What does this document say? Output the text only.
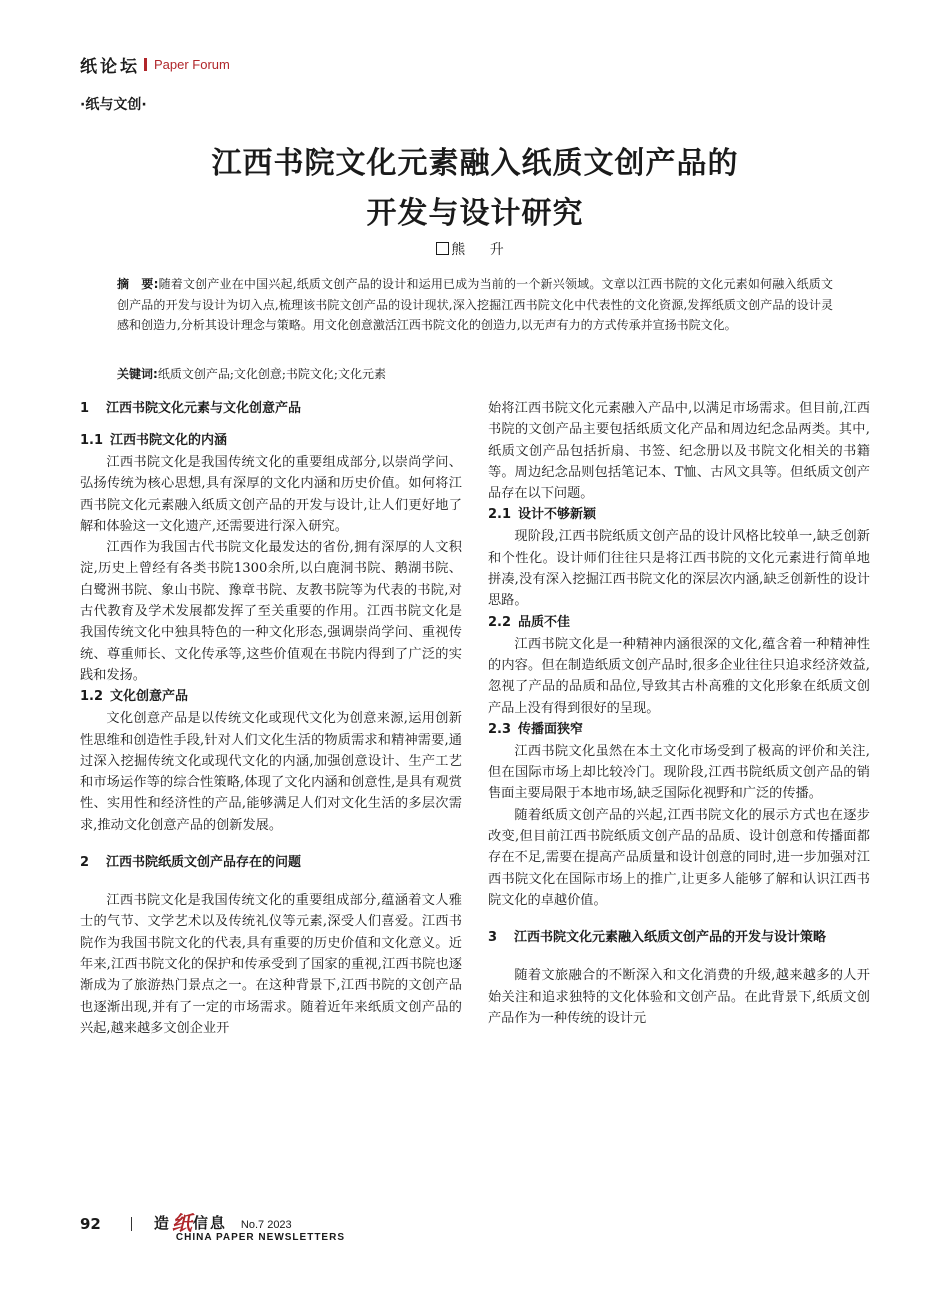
纸论坛 Paper Forum
·纸与文创·
江西书院文化元素融入纸质文创产品的
开发与设计研究
熊 升
摘　要:随着文创产业在中国兴起,纸质文创产品的设计和运用已成为当前的一个新兴领域。文章以江西书院的文化元素如何融入纸质文创产品的开发与设计为切入点,梳理该书院文创产品的设计现状,深入挖掘江西书院文化中代表性的文化资源,发挥纸质文创产品的设计灵感和创造力,分析其设计理念与策略。用文化创意激活江西书院文化的创造力,以无声有力的方式传承并宣扬书院文化。
关键词:纸质文创产品;文化创意;书院文化;文化元素
1 江西书院文化元素与文化创意产品
1.1 江西书院文化的内涵

江西书院文化是我国传统文化的重要组成部分,以崇尚学问、弘扬传统为核心思想,具有深厚的文化内涵和历史价值。如何将江西书院文化元素融入纸质文创产品的开发与设计,让人们更好地了解和体验这一文化遗产,还需要进行深入研究。

江西作为我国古代书院文化最发达的省份,拥有深厚的人文积淀,历史上曾经有各类书院1300余所,以白鹿洞书院、鹅湖书院、白鹭洲书院、象山书院、豫章书院、友教书院等为代表的书院,对古代教育及学术发展都发挥了至关重要的作用。江西书院文化是我国传统文化中独具特色的一种文化形态,强调崇尚学问、重视传统、尊重师长、文化传承等,这些价值观在书院内得到了广泛的实践和发扬。

1.2 文化创意产品

文化创意产品是以传统文化或现代文化为创意来源,运用创新性思维和创造性手段,针对人们文化生活的物质需求和精神需要,通过深入挖掘传统文化或现代文化的内涵,加强创意设计、生产工艺和市场运作等的综合性策略,体现了文化内涵和创意性,是具有观赏性、实用性和经济性的产品,能够满足人们对文化生活的多层次需求,推动文化创意产品的创新发展。

2 江西书院纸质文创产品存在的问题

江西书院文化是我国传统文化的重要组成部分,蕴涵着文人雅士的气节、文学艺术以及传统礼仪等元素,深受人们喜爱。江西书院作为我国书院文化的代表,具有重要的历史价值和文化意义。近年来,江西书院文化的保护和传承受到了国家的重视,江西书院也逐渐成为了旅游热门景点之一。在这种背景下,江西书院的文创产品也逐渐出现,并有了一定的市场需求。随着近年来纸质文创产品的兴起,越来越多文创企业开

始将江西书院文化元素融入产品中,以满足市场需求。但目前,江西书院的文创产品主要包括纸质文化产品和周边纪念品两类。其中,纸质文创产品包括折扇、书签、纪念册以及书院文化相关的书籍等。周边纪念品则包括笔记本、T恤、古风文具等。但纸质文创产品存在以下问题。

2.1 设计不够新颖

现阶段,江西书院纸质文创产品的设计风格比较单一,缺乏创新和个性化。设计师们往往只是将江西书院的文化元素进行简单地拼凑,没有深入挖掘江西书院文化的深层次内涵,缺乏创新性的设计思路。

2.2 品质不佳

江西书院文化是一种精神内涵很深的文化,蕴含着一种精神性的内容。但在制造纸质文创产品时,很多企业往往只追求经济效益,忽视了产品的品质和品位,导致其古朴高雅的文化形象在纸质文创产品上没有得到很好的呈现。

2.3 传播面狭窄

江西书院文化虽然在本土文化市场受到了极高的评价和关注,但在国际市场上却比较冷门。现阶段,江西书院纸质文创产品的销售面主要局限于本地市场,缺乏国际化视野和广泛的传播。

随着纸质文创产品的兴起,江西书院文化的展示方式也在逐步改变,但目前江西书院纸质文创产品的品质、设计创意和传播面都存在不足,需要在提高产品质量和设计创意的同时,进一步加强对江西书院文化在国际市场上的推广,让更多人能够了解和认识江西书院文化的卓越价值。

3	江西书院文化元素融入纸质文创产品的开发与设计策略

随着文旅融合的不断深入和文化消费的升级,越来越多的人开始关注和追求独特的文化体验和文创产品。在此背景下,纸质文创产品作为一种传统的设计元

92	造 纸 信息 No.7 2023
CHINA PAPER NEWSLETTERS
